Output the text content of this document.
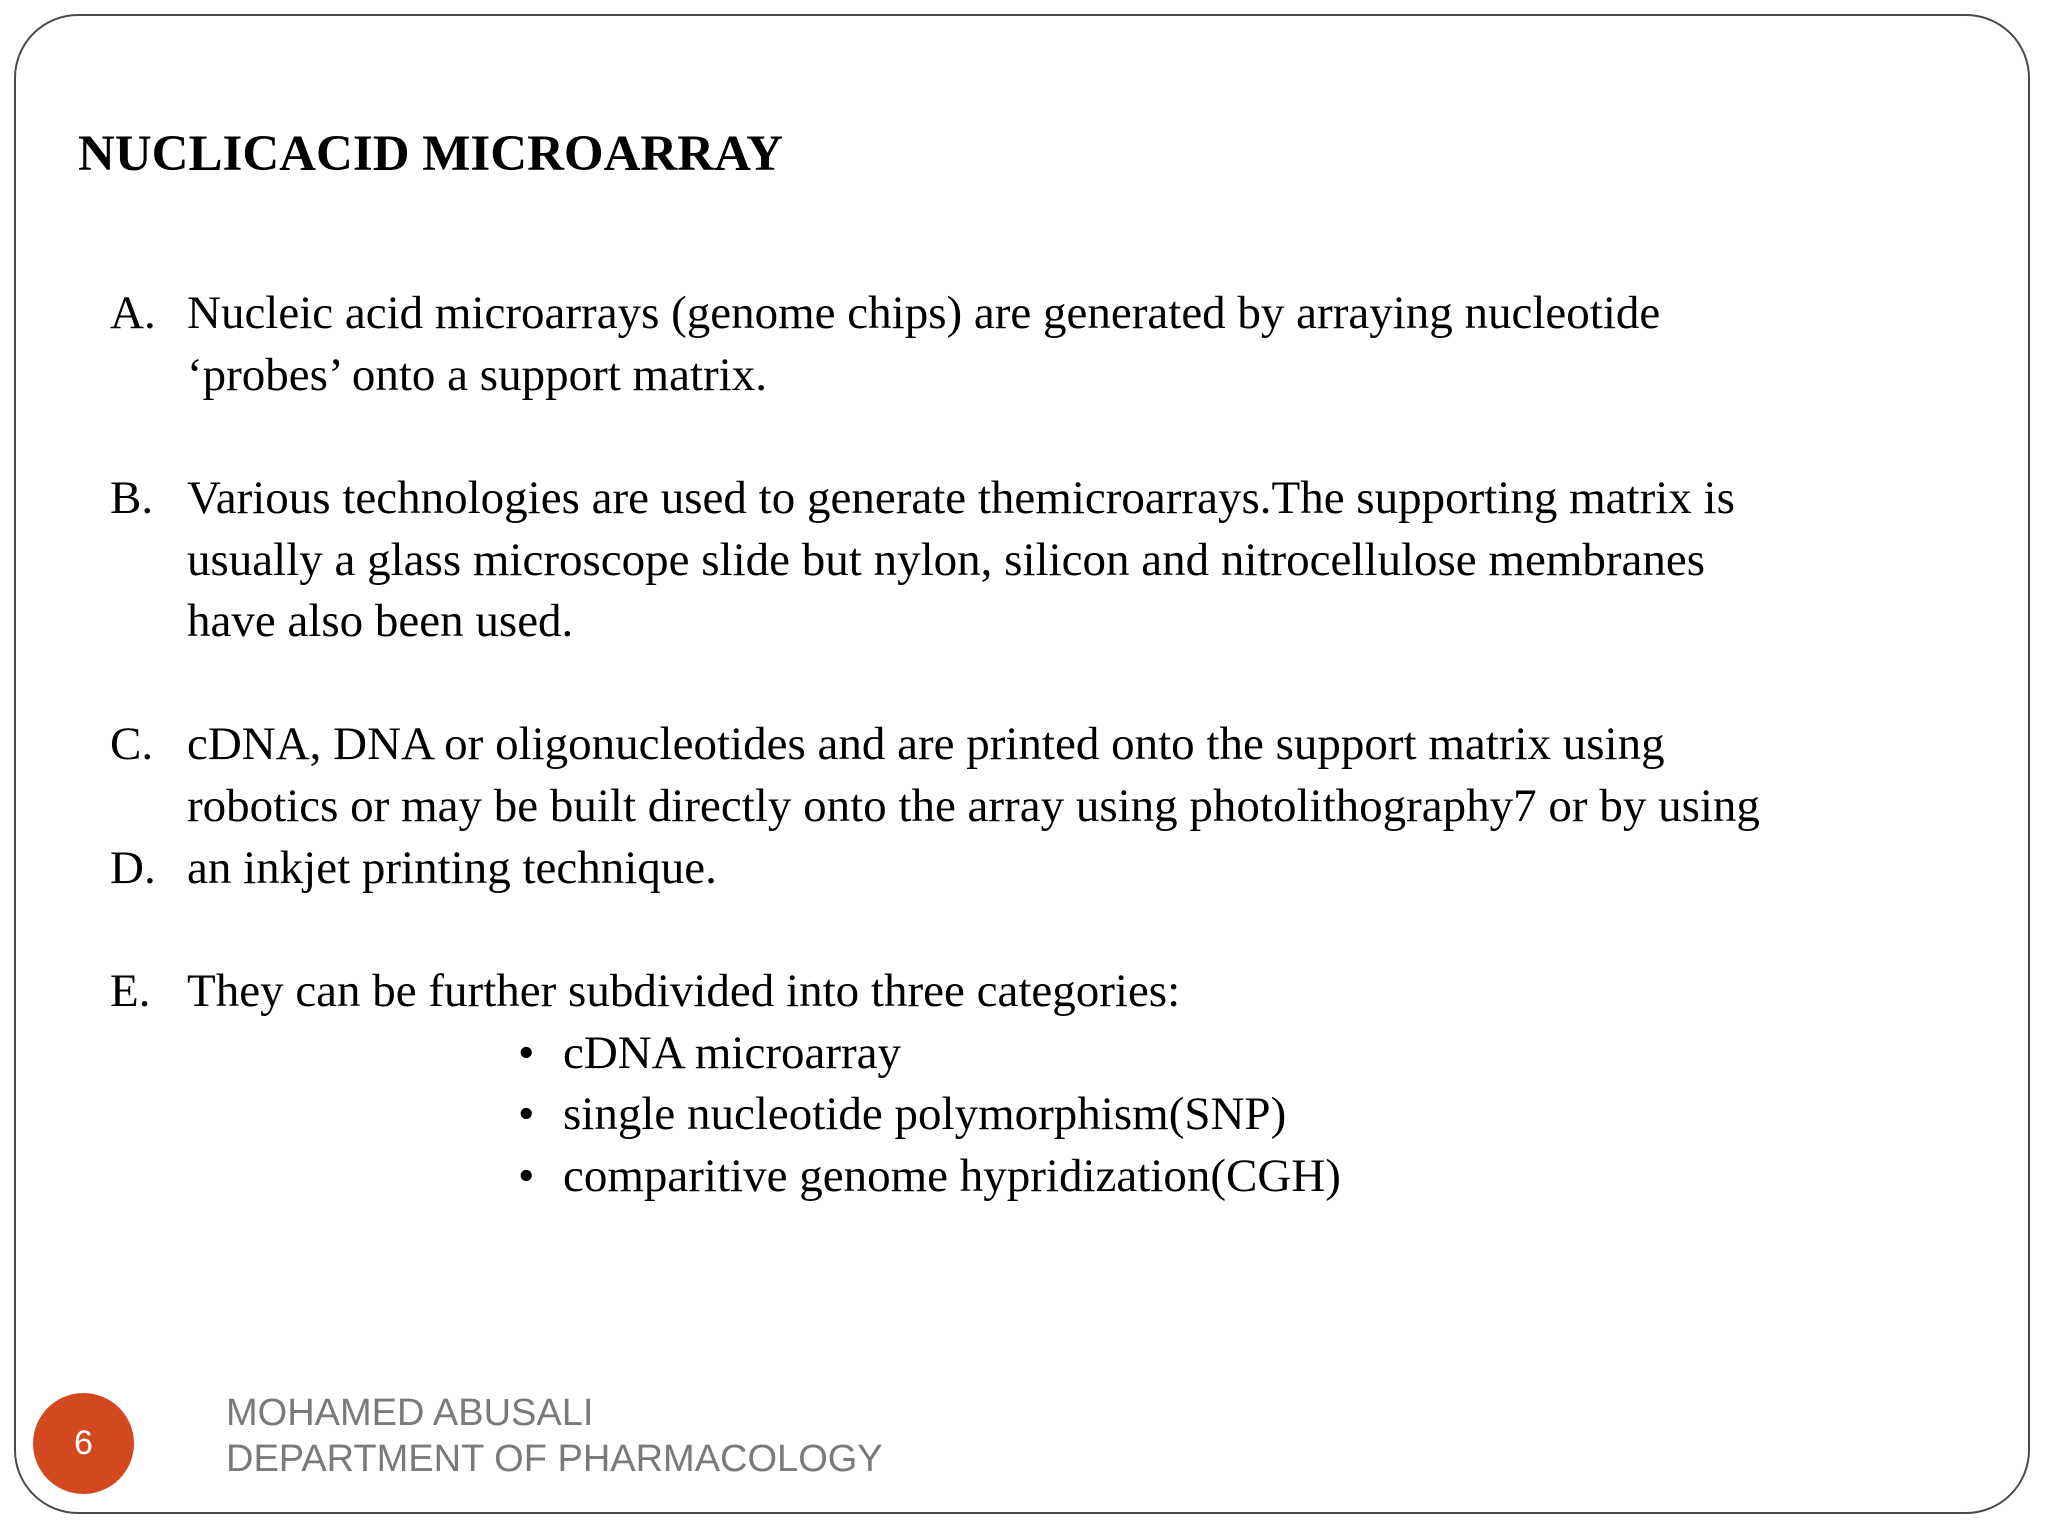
NUCLICACID MICROARRAY
A. Nucleic acid microarrays (genome chips) are generated by arraying nucleotide
‘probes’ onto a support matrix.
B. Various technologies are used to generate themicroarrays.The supporting matrix is
usually a glass microscope slide but nylon, silicon and nitrocellulose membranes
have also been used.
C. cDNA, DNA or oligonucleotides and are printed onto the support matrix using
robotics or may be built directly onto the array using photolithography7 or by using
D. an inkjet printing technique.
E. They can be further subdivided into three categories:
• cDNA microarray
• single nucleotide polymorphism(SNP)
• comparitive genome hypridization(CGH)
6
MOHAMED ABUSALI
DEPARTMENT OF PHARMACOLOGY
